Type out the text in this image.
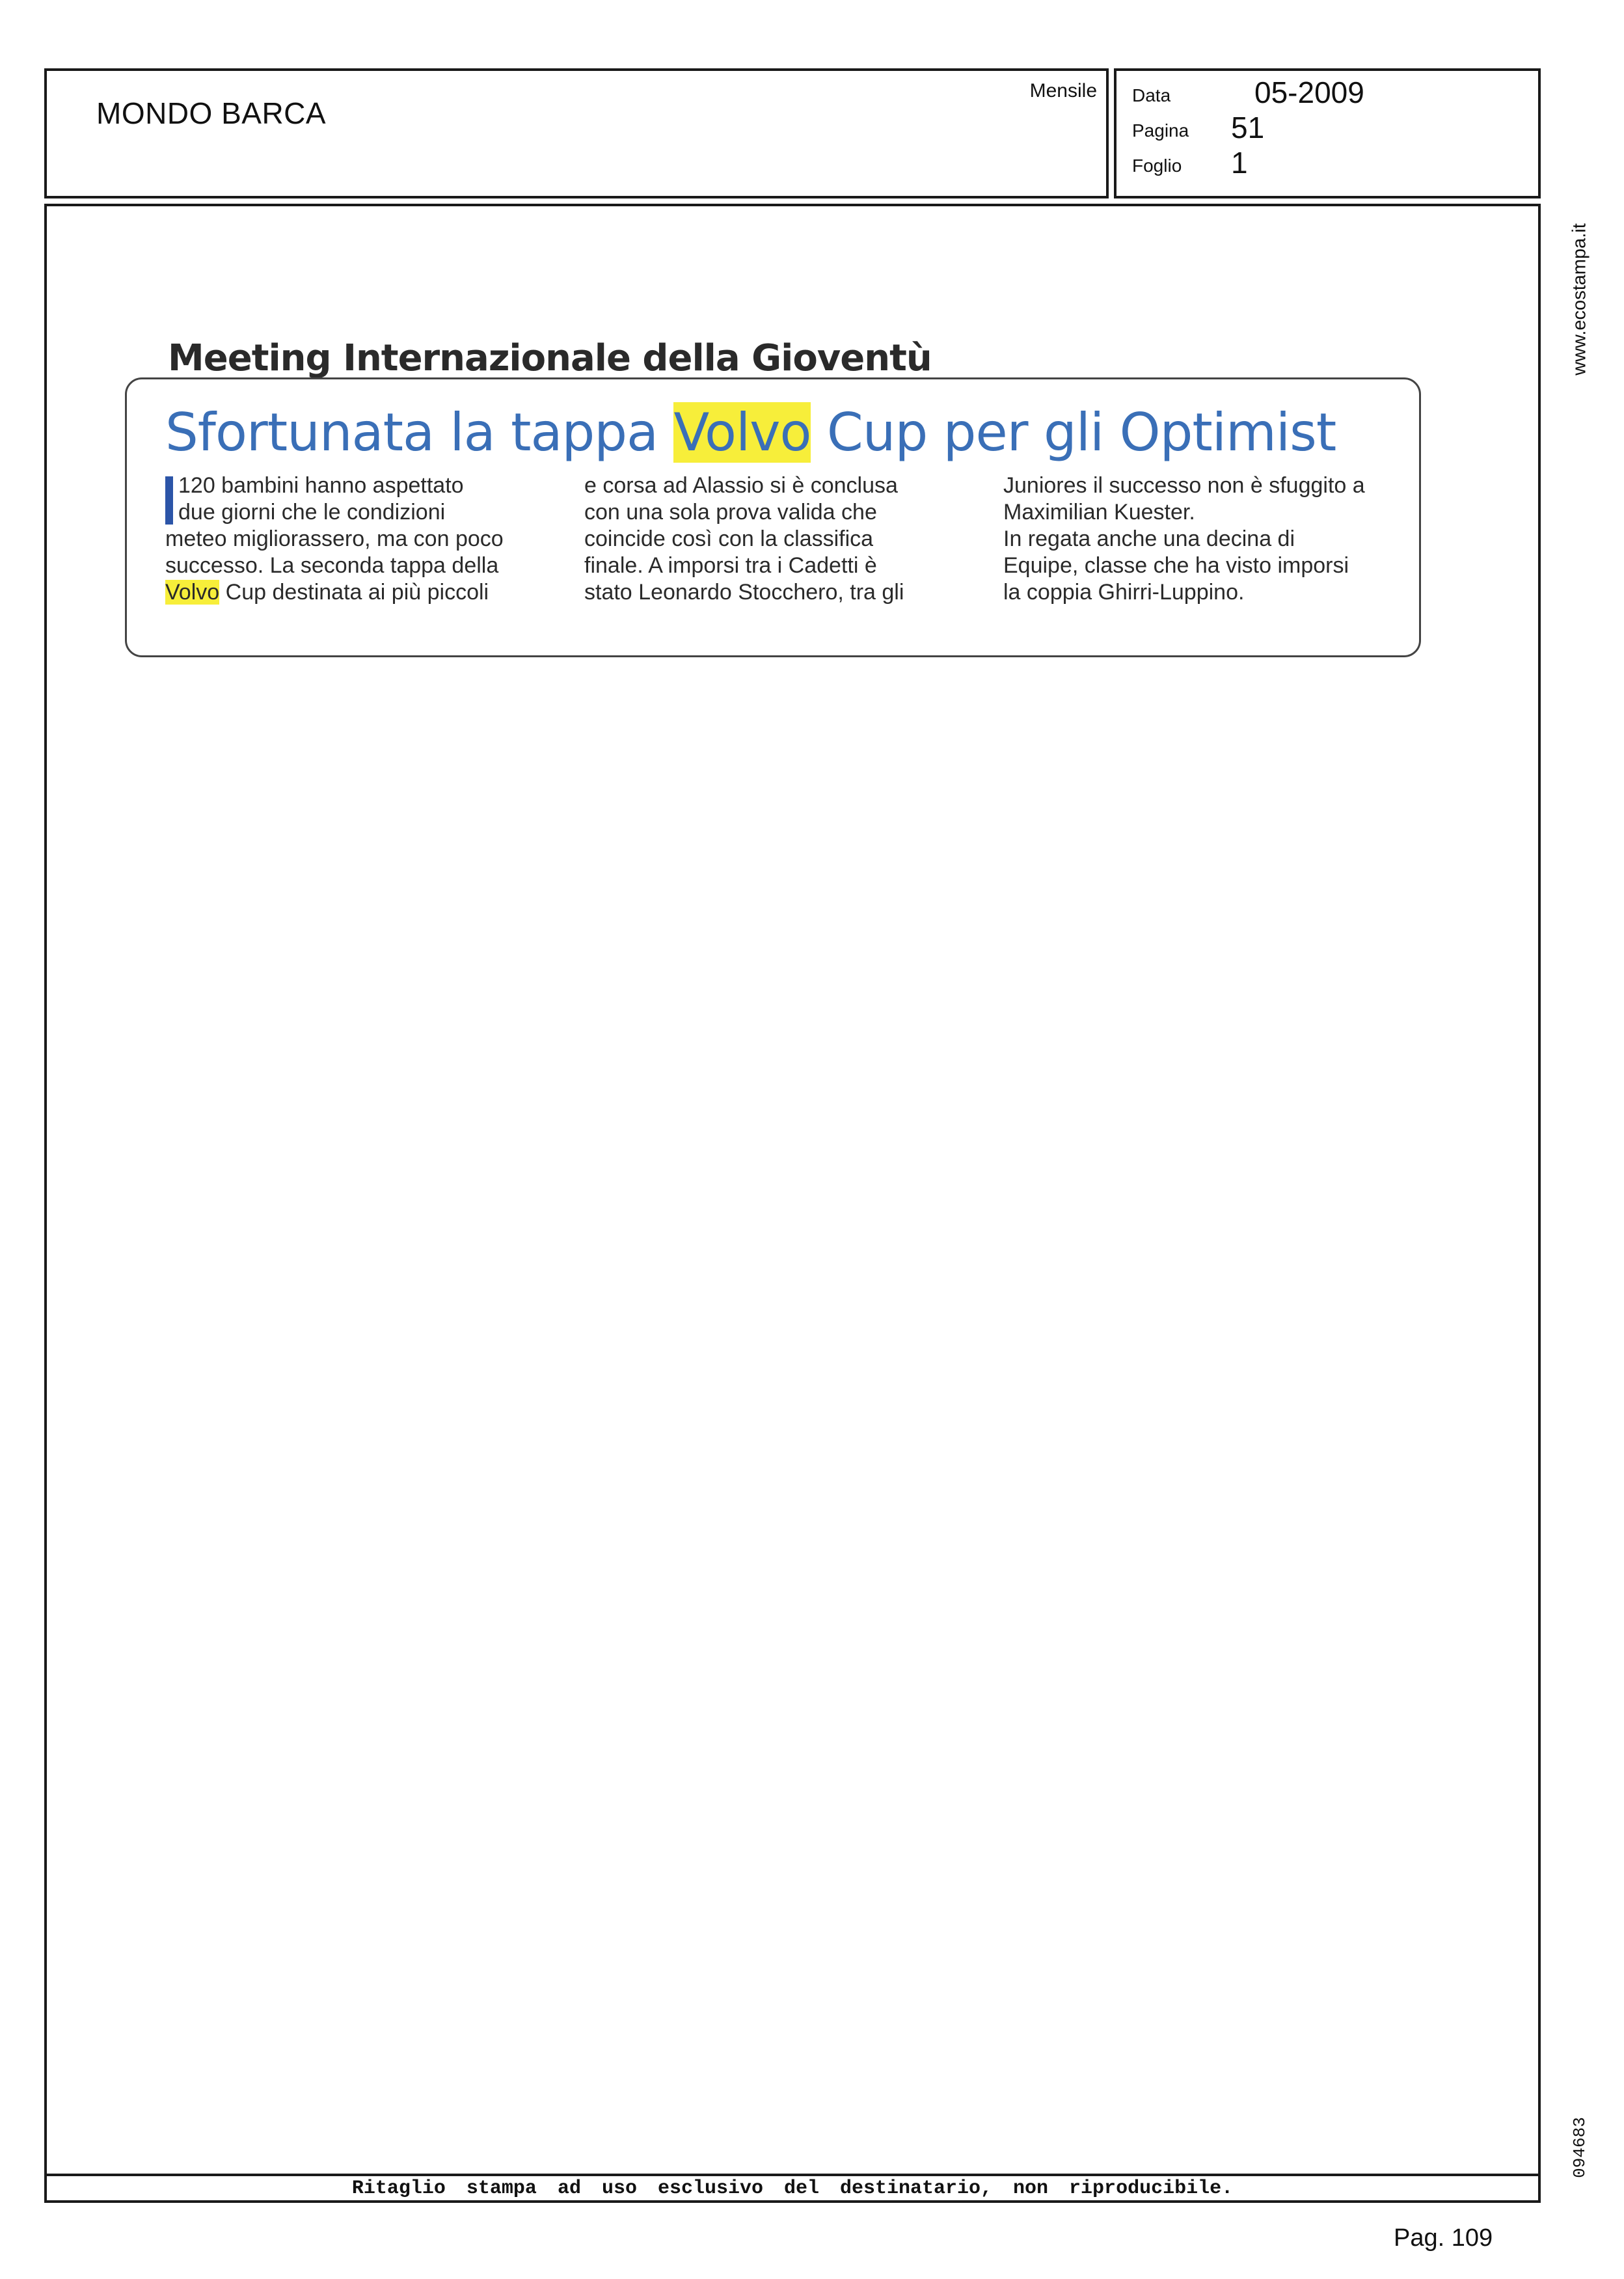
MONDO BARCA
Mensile Data	05-2009
Pagina 51
Foglio 1
www.ecostampa.it
094683
Meeting Internazionale della Gioventù
Sfortunata la tappa Volvo Cup per gli Optimist
120 bambini hanno aspettato
due giorni che le condizioni
meteo migliorassero, ma con poco
successo. La seconda tappa della
Volvo Cup destinata ai più piccoli
e corsa ad Alassio si è conclusa
con una sola prova valida che
coincide così con la classifica
finale. A imporsi tra i Cadetti è
stato Leonardo Stocchero, tra gli
Juniores il successo non è sfuggito a
Maximilian Kuester.
In regata anche una decina di
Equipe, classe che ha visto imporsi
la coppia Ghirri-Luppino.
Ritaglio stampa ad uso esclusivo del destinatario, non riproducibile.
Pag. 109
